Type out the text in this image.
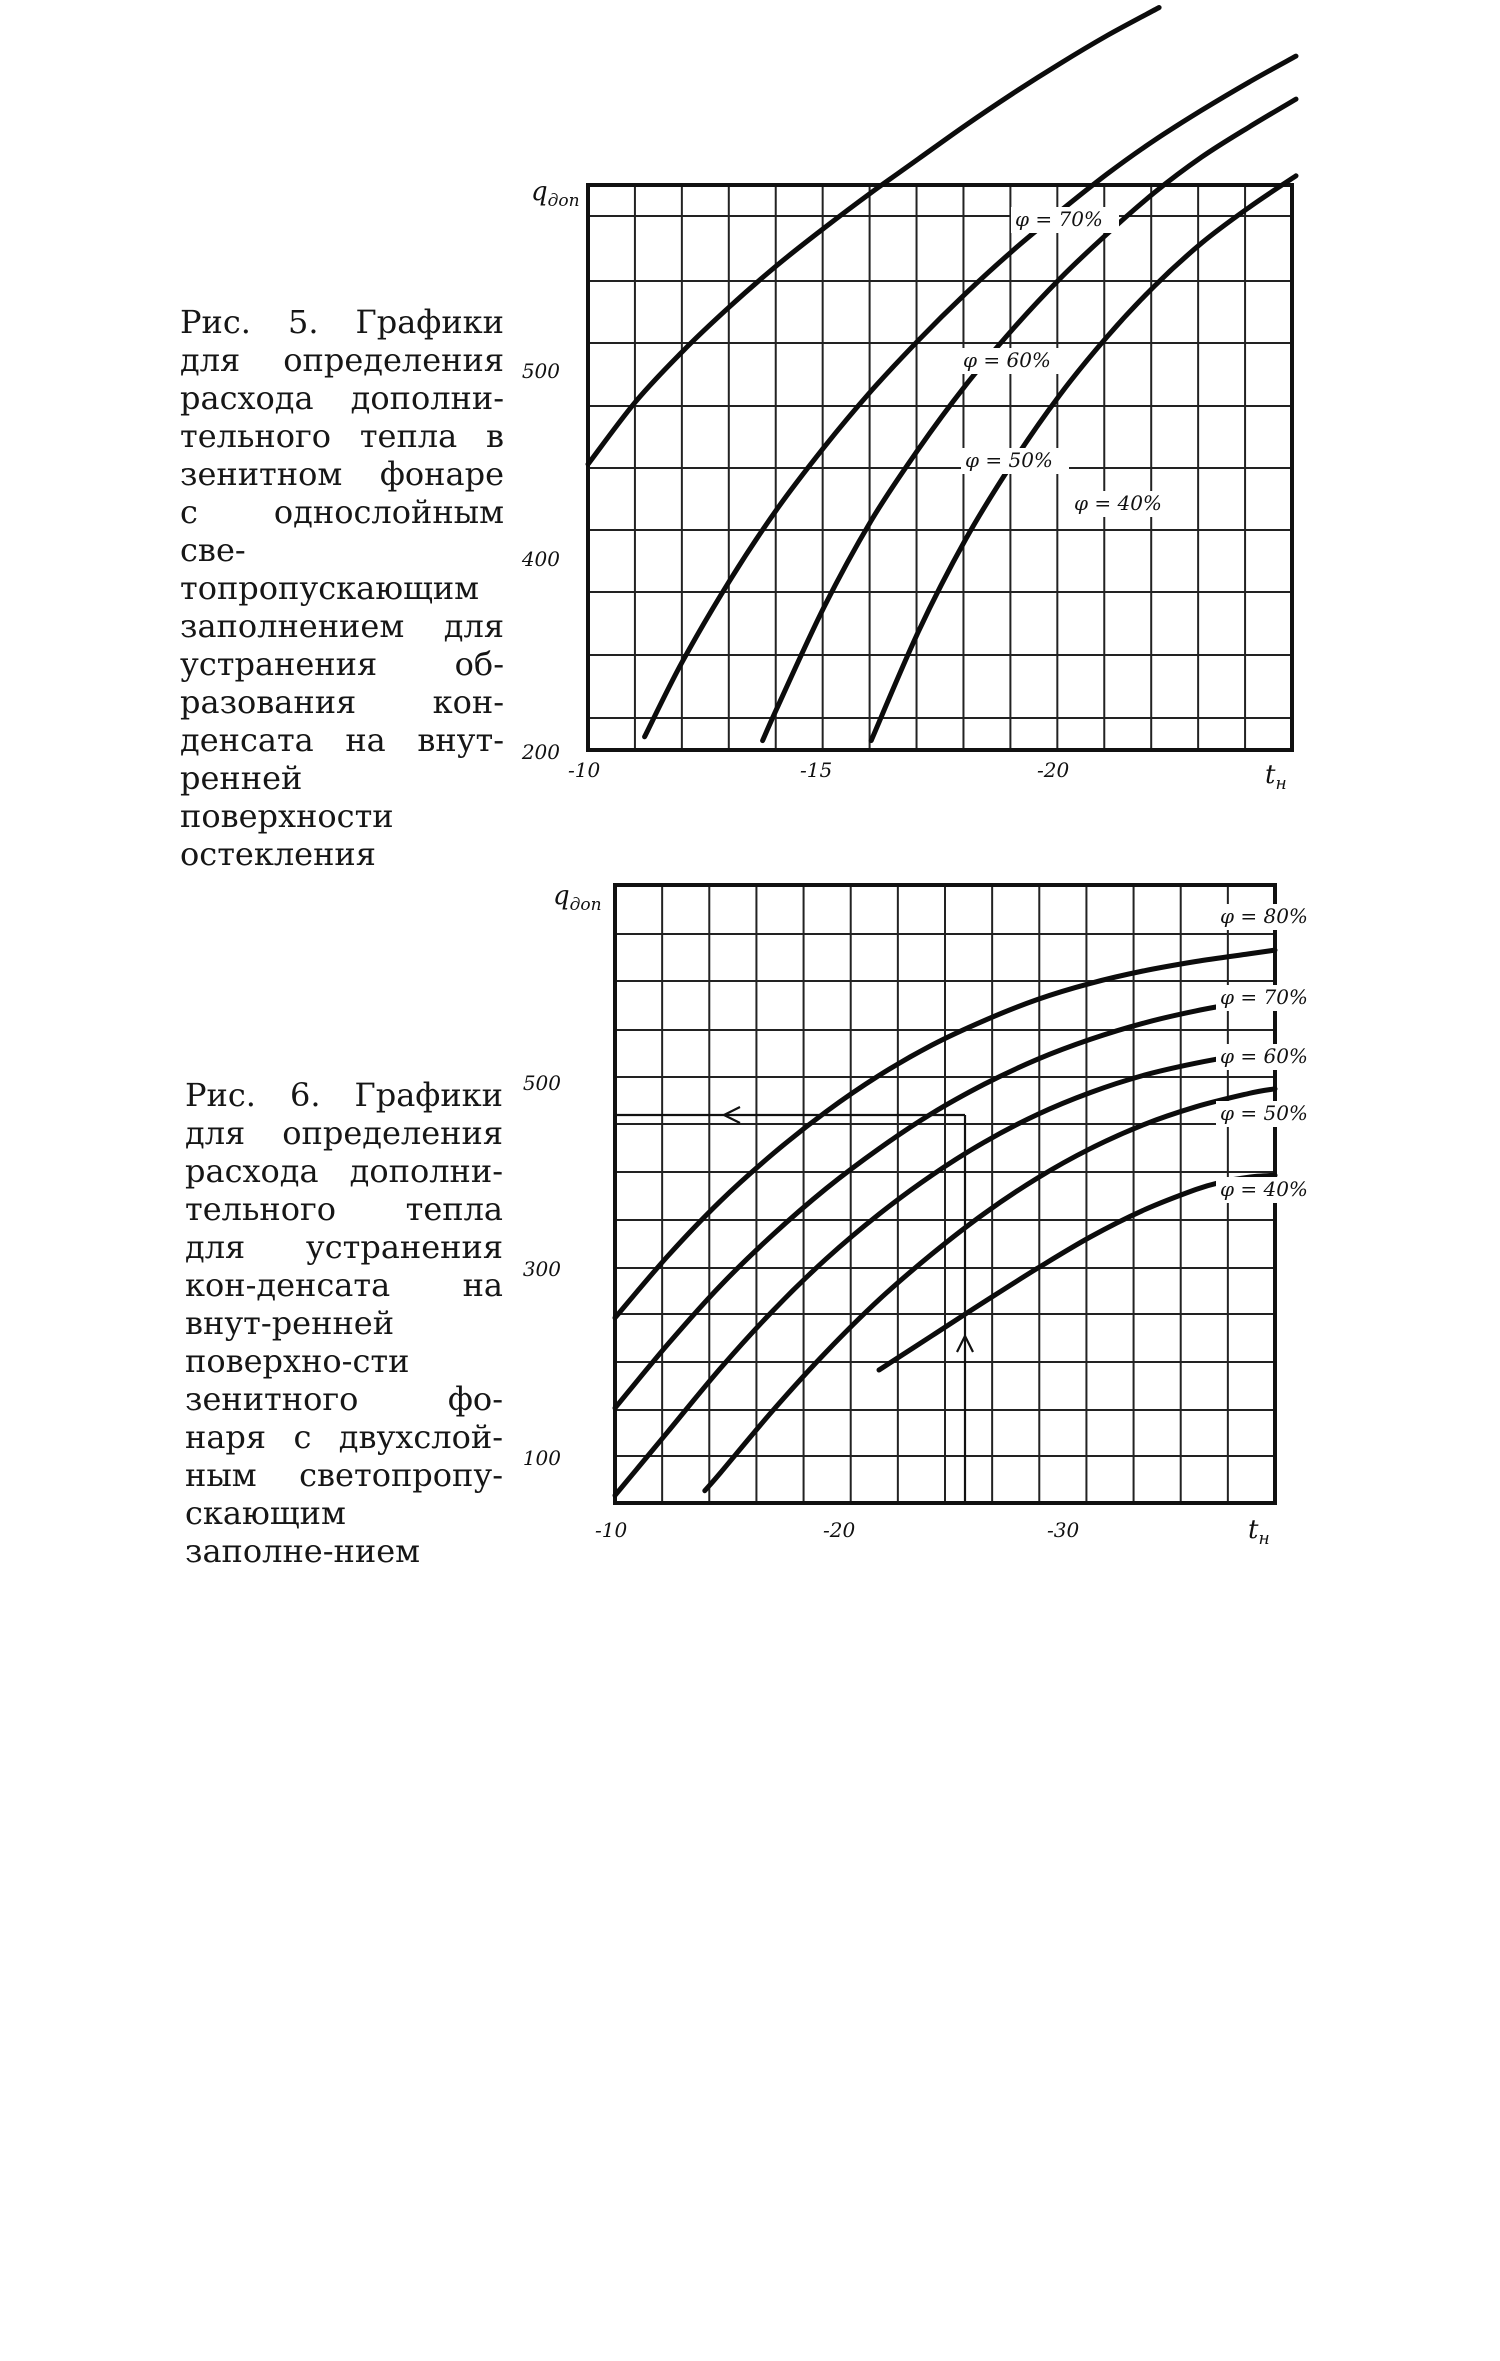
Рис. 5. Графики для определения расхода дополни-тельного тепла в зенитном фонаре с однослойным све-топропускающим заполнением для устранения об-разования кон-денсата на внут-ренней поверхности остекления
Рис. 6. Графики для определения расхода дополни-тельного тепла для устранения кон-денсата на внут-ренней поверхно-сти зенитного фо-наря с двухслой-ным светопропу-скающим заполне-нием
φ = 70%
φ = 60%
φ = 50%
φ = 40%
-10	-15	-20
200
400
500
$q_{доп}$
$t_н$
φ = 80%
φ = 70%
φ = 60%
φ = 50%
φ = 40%
-10	-20	-30
100
300
500
$q_{доп}$
$t_н$
